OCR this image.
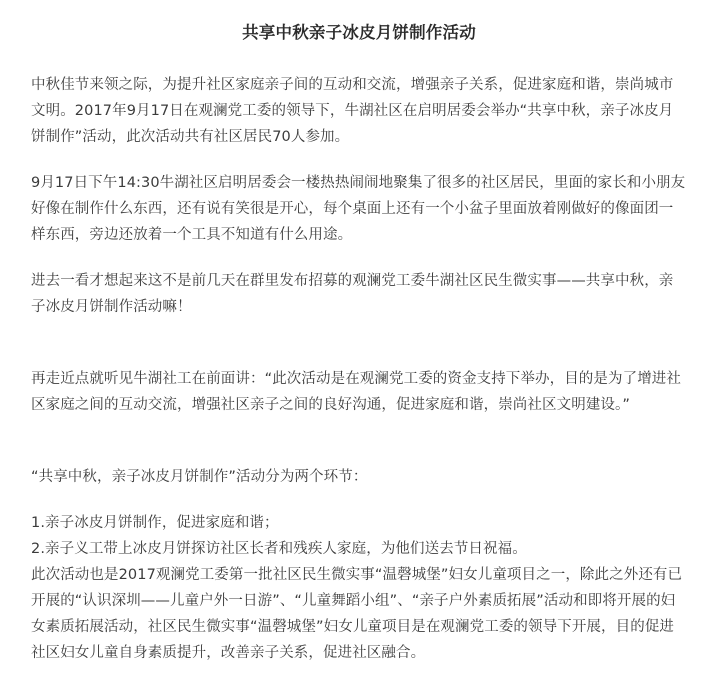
共享中秋亲子冰皮月饼制作活动

中秋佳节来领之际，为提升社区家庭亲子间的互动和交流，增强亲子关系，促进家庭和谐，崇尚城市文明。2017年9月17日在观澜党工委的领导下，牛湖社区在启明居委会举办“共享中秋，亲子冰皮月饼制作”活动，此次活动共有社区居民70人参加。

9月17日下午14:30牛湖社区启明居委会一楼热热闹闹地聚集了很多的社区居民，里面的家长和小朋友好像在制作什么东西，还有说有笑很是开心，每个桌面上还有一个小盆子里面放着刚做好的像面团一样东西，旁边还放着一个工具不知道有什么用途。

进去一看才想起来这不是前几天在群里发布招募的观澜党工委牛湖社区民生微实事——共享中秋，亲子冰皮月饼制作活动嘛！

再走近点就听见牛湖社工在前面讲：“此次活动是在观澜党工委的资金支持下举办，目的是为了增进社区家庭之间的互动交流，增强社区亲子之间的良好沟通，促进家庭和谐，崇尚社区文明建设。”

“共享中秋，亲子冰皮月饼制作”活动分为两个环节：

1.亲子冰皮月饼制作，促进家庭和谐；

2.亲子义工带上冰皮月饼探访社区长者和残疾人家庭，为他们送去节日祝福。

此次活动也是2017观澜党工委第一批社区民生微实事“温磬城堡”妇女儿童项目之一，除此之外还有已开展的“认识深圳——儿童户外一日游”、“儿童舞蹈小组”、“亲子户外素质拓展”活动和即将开展的妇女素质拓展活动，社区民生微实事“温磬城堡”妇女儿童项目是在观澜党工委的领导下开展，目的促进社区妇女儿童自身素质提升，改善亲子关系，促进社区融合。
